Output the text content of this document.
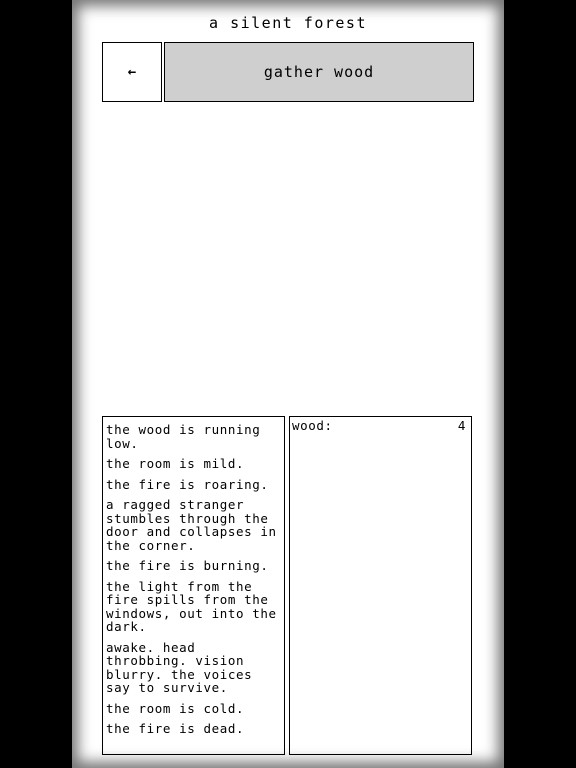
a silent forest
←	gather wood
the wood is running low.
the room is mild.
the fire is roaring.
a ragged stranger stumbles through the door and collapses in the corner.
the fire is burning.
the light from the fire spills from the windows, out into the dark.
awake. head throbbing. vision blurry. the voices say to survive.
the room is cold.
the fire is dead.
wood:	4
